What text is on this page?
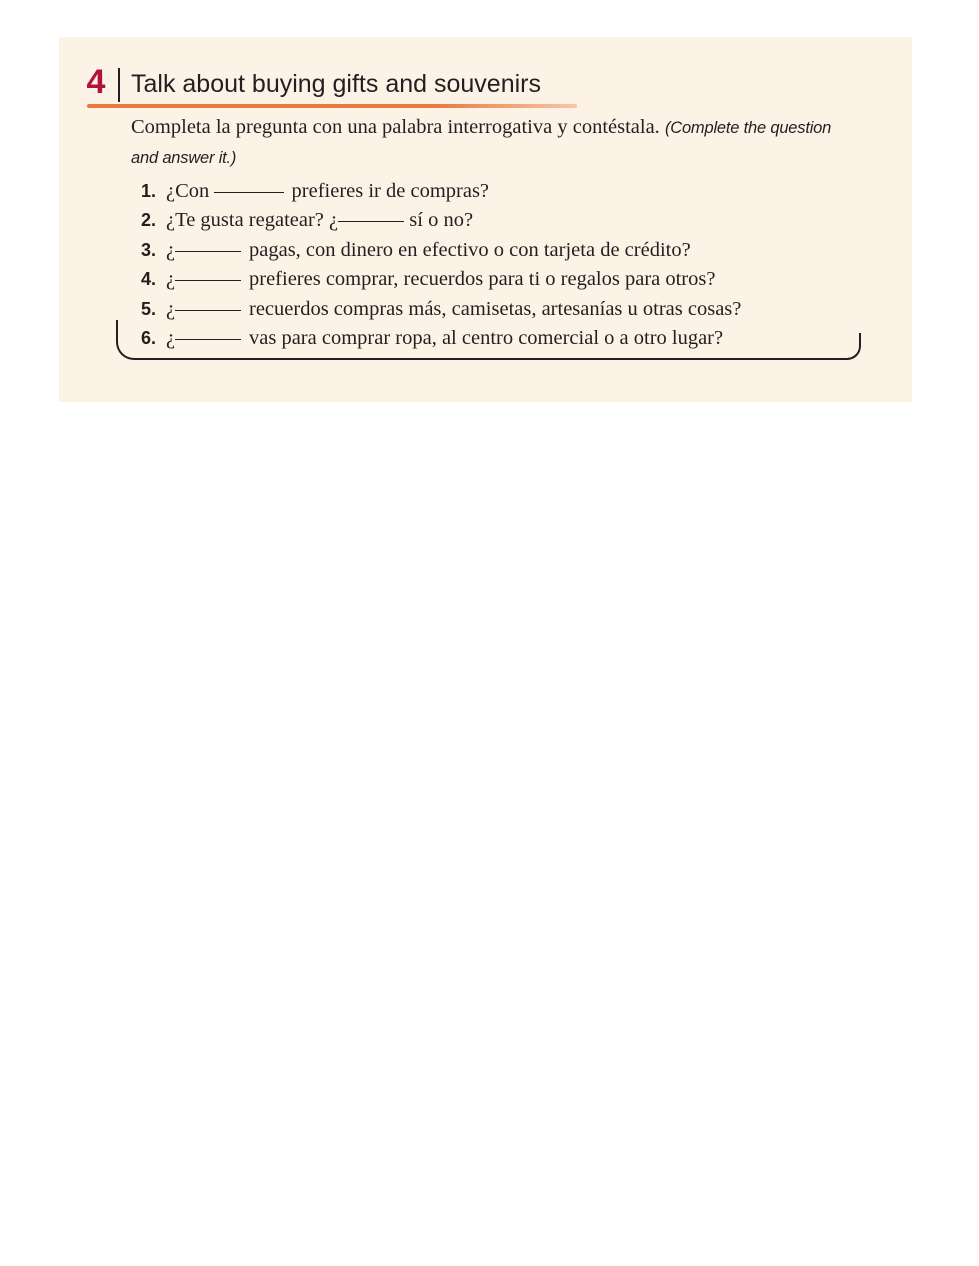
4 Talk about buying gifts and souvenirs
Completa la pregunta con una palabra interrogativa y contéstala. (Complete the question and answer it.)
1. ¿Con	prefieres ir de compras?
2. ¿Te gusta regatear? ¿	sí o no?
3. ¿	pagas, con dinero en efectivo o con tarjeta de crédito?
4. ¿	prefieres comprar, recuerdos para ti o regalos para otros?
5. ¿	recuerdos compras más, camisetas, artesanías u otras cosas?
6. ¿	vas para comprar ropa, al centro comercial o a otro lugar?
